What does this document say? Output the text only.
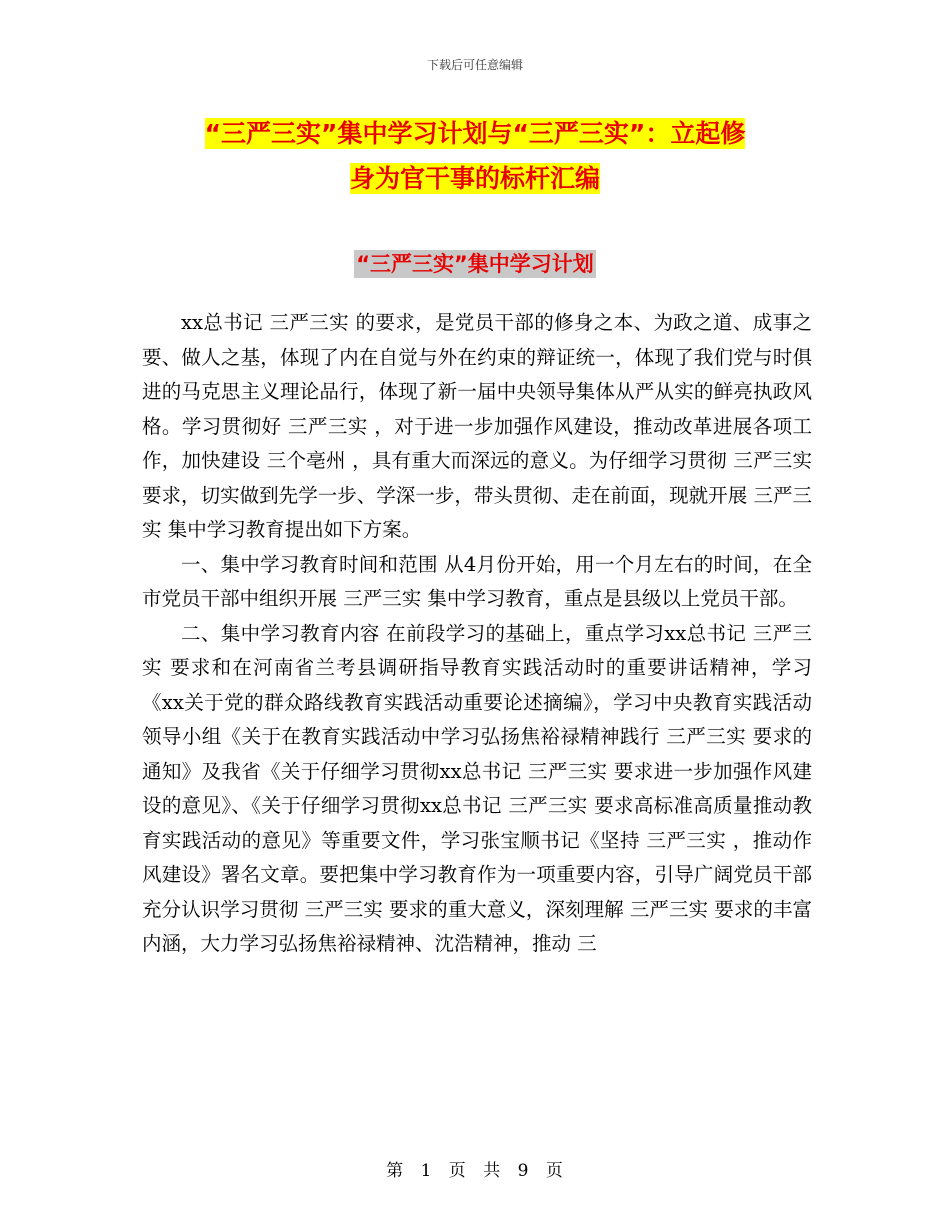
下载后可任意编辑
“三严三实”集中学习计划与“三严三实”：立起修
身为官干事的标杆汇编
“三严三实”集中学习计划

xx总书记 三严三实 的要求，是党员干部的修身之本、为政之道、成事之要、做人之基，体现了内在自觉与外在约束的辩证统一，体现了我们党与时俱进的马克思主义理论品行，体现了新一届中央领导集体从严从实的鲜亮执政风格。学习贯彻好 三严三实 ，对于进一步加强作风建设，推动改革进展各项工作，加快建设 三个亳州 ，具有重大而深远的意义。为仔细学习贯彻 三严三实 要求，切实做到先学一步、学深一步，带头贯彻、走在前面，现就开展 三严三实 集中学习教育提出如下方案。

一、集中学习教育时间和范围 从4月份开始，用一个月左右的时间，在全市党员干部中组织开展 三严三实 集中学习教育，重点是县级以上党员干部。

二、集中学习教育内容 在前段学习的基础上，重点学习xx总书记 三严三实 要求和在河南省兰考县调研指导教育实践活动时的重要讲话精神，学习《xx关于党的群众路线教育实践活动重要论述摘编》，学习中央教育实践活动领导小组《关于在教育实践活动中学习弘扬焦裕禄精神践行 三严三实 要求的通知》及我省《关于仔细学习贯彻xx总书记 三严三实 要求进一步加强作风建设的意见》、《关于仔细学习贯彻xx总书记 三严三实 要求高标准高质量推动教育实践活动的意见》等重要文件，学习张宝顺书记《坚持 三严三实 ，推动作风建设》署名文章。要把集中学习教育作为一项重要内容，引导广阔党员干部充分认识学习贯彻 三严三实 要求的重大意义，深刻理解 三严三实 要求的丰富内涵，大力学习弘扬焦裕禄精神、沈浩精神，推动 三

第 1 页 共 9 页
